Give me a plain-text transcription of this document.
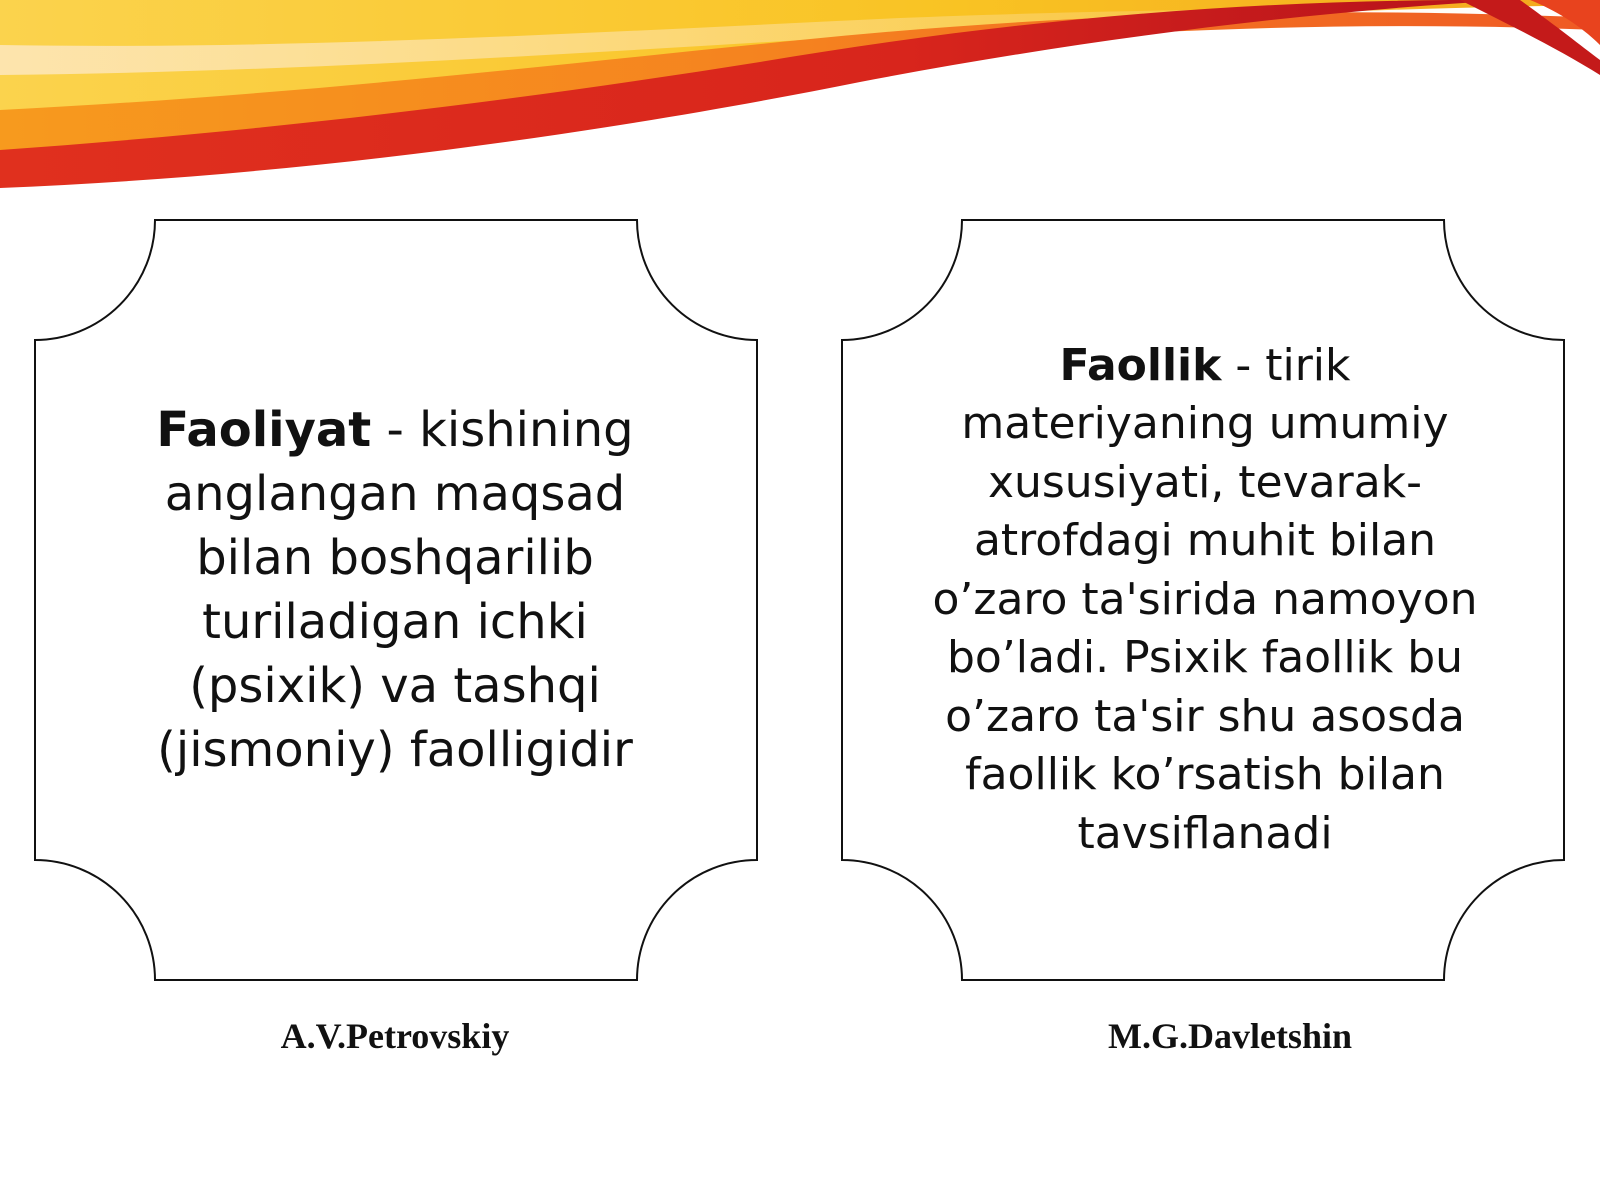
Faoliyat - kishining anglangan maqsad bilan boshqarilib turiladigan ichki (psixik) va tashqi (jismoniy) faolligidir

Faollik - tirik materiyaning umumiy xususiyati, tevarak-atrofdagi muhit bilan o’zaro ta'sirida namoyon bo’ladi. Psixik faollik bu o’zaro ta'sir shu asosda faollik ko’rsatish bilan tavsiflanadi

A.V.Petrovskiy	M.G.Davletshin
